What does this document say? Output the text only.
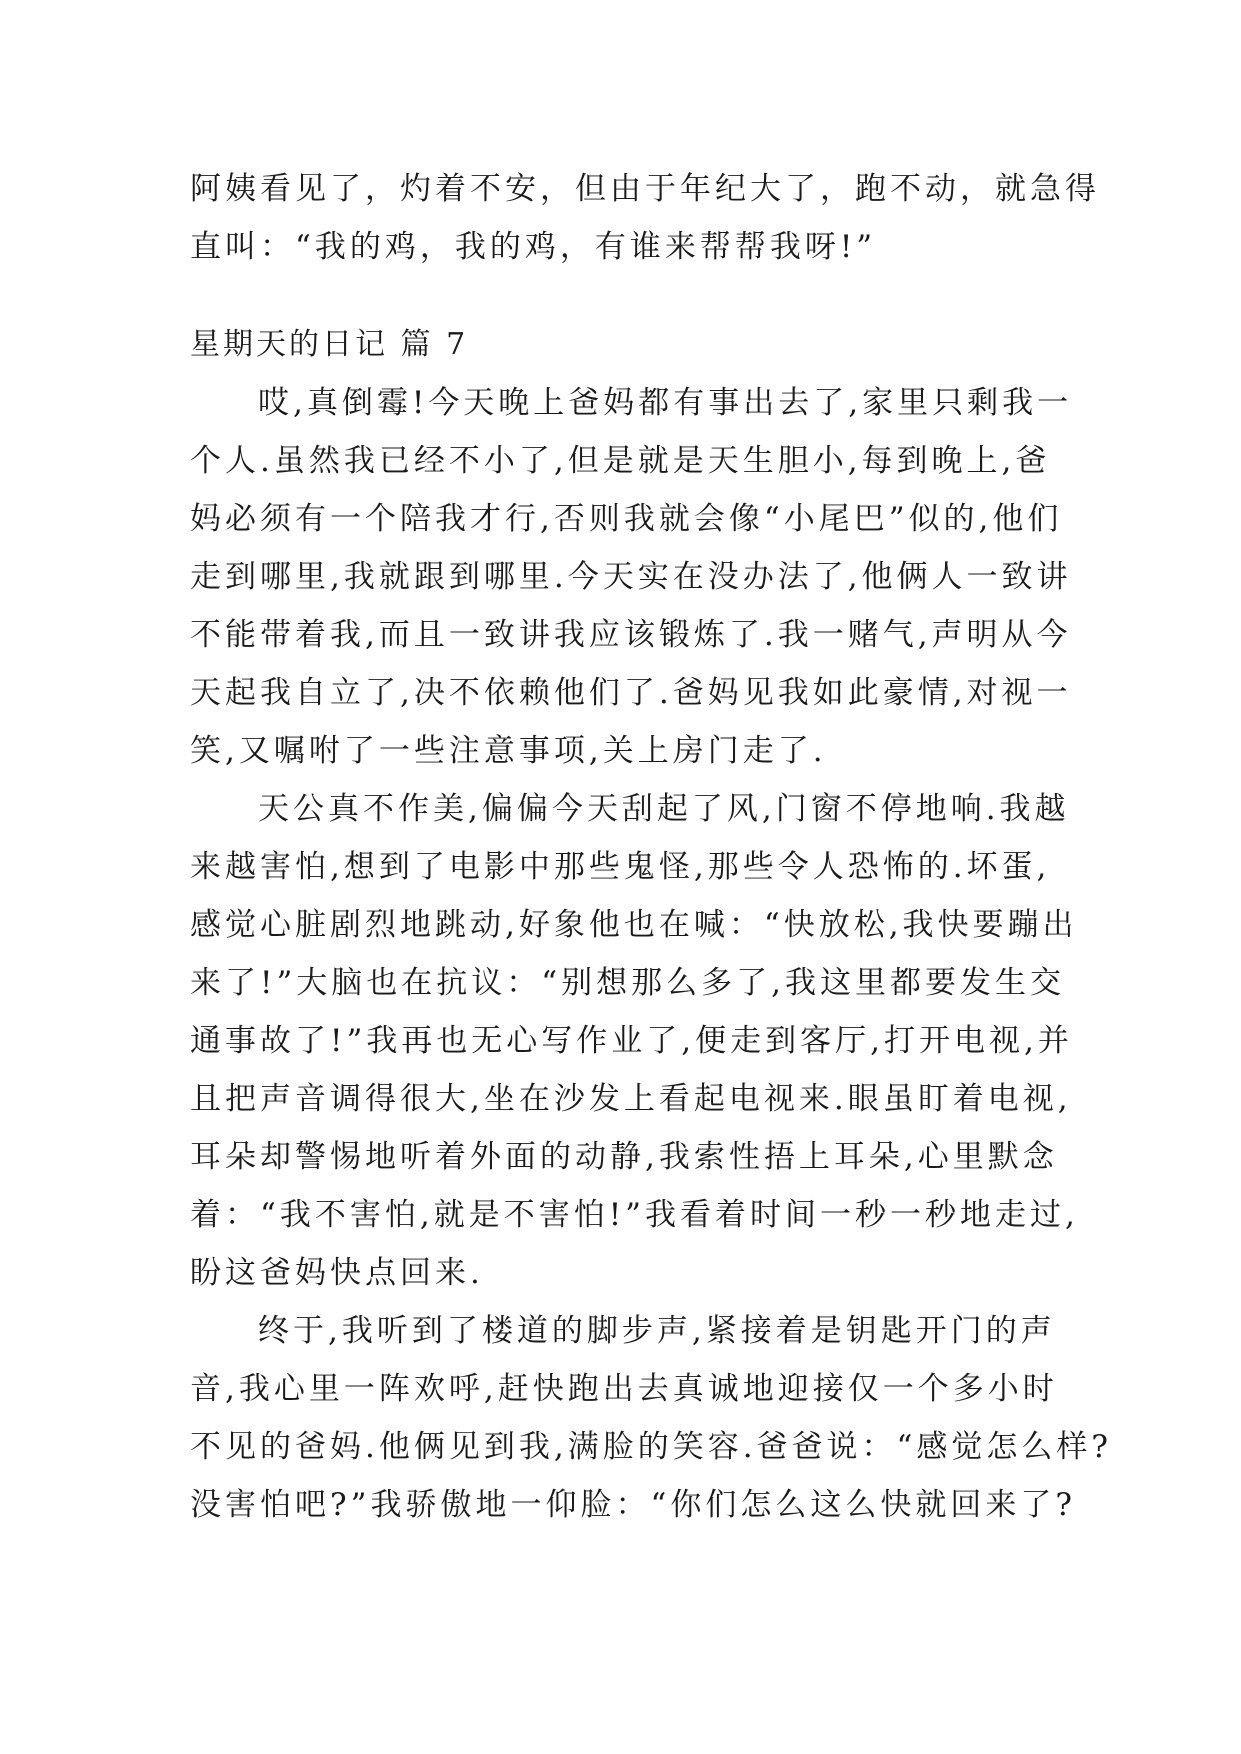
阿姨看见了，灼着不安，但由于年纪大了，跑不动，就急得
直叫：“我的鸡，我的鸡，有谁来帮帮我呀!”
星期天的日记 篇 7
哎,真倒霉!今天晚上爸妈都有事出去了,家里只剩我一
个人.虽然我已经不小了,但是就是天生胆小,每到晚上,爸
妈必须有一个陪我才行,否则我就会像“小尾巴”似的,他们
走到哪里,我就跟到哪里.今天实在没办法了,他俩人一致讲
不能带着我,而且一致讲我应该锻炼了.我一赌气,声明从今
天起我自立了,决不依赖他们了.爸妈见我如此豪情,对视一
笑,又嘱咐了一些注意事项,关上房门走了.
天公真不作美,偏偏今天刮起了风,门窗不停地响.我越
来越害怕,想到了电影中那些鬼怪,那些令人恐怖的.坏蛋,
感觉心脏剧烈地跳动,好象他也在喊：“快放松,我快要蹦出
来了!”大脑也在抗议：“别想那么多了,我这里都要发生交
通事故了!”我再也无心写作业了,便走到客厅,打开电视,并
且把声音调得很大,坐在沙发上看起电视来.眼虽盯着电视,
耳朵却警惕地听着外面的动静,我索性捂上耳朵,心里默念
着：“我不害怕,就是不害怕!”我看着时间一秒一秒地走过,
盼这爸妈快点回来.
终于,我听到了楼道的脚步声,紧接着是钥匙开门的声
音,我心里一阵欢呼,赶快跑出去真诚地迎接仅一个多小时
不见的爸妈.他俩见到我,满脸的笑容.爸爸说：“感觉怎么样?
没害怕吧?”我骄傲地一仰脸：“你们怎么这么快就回来了?
